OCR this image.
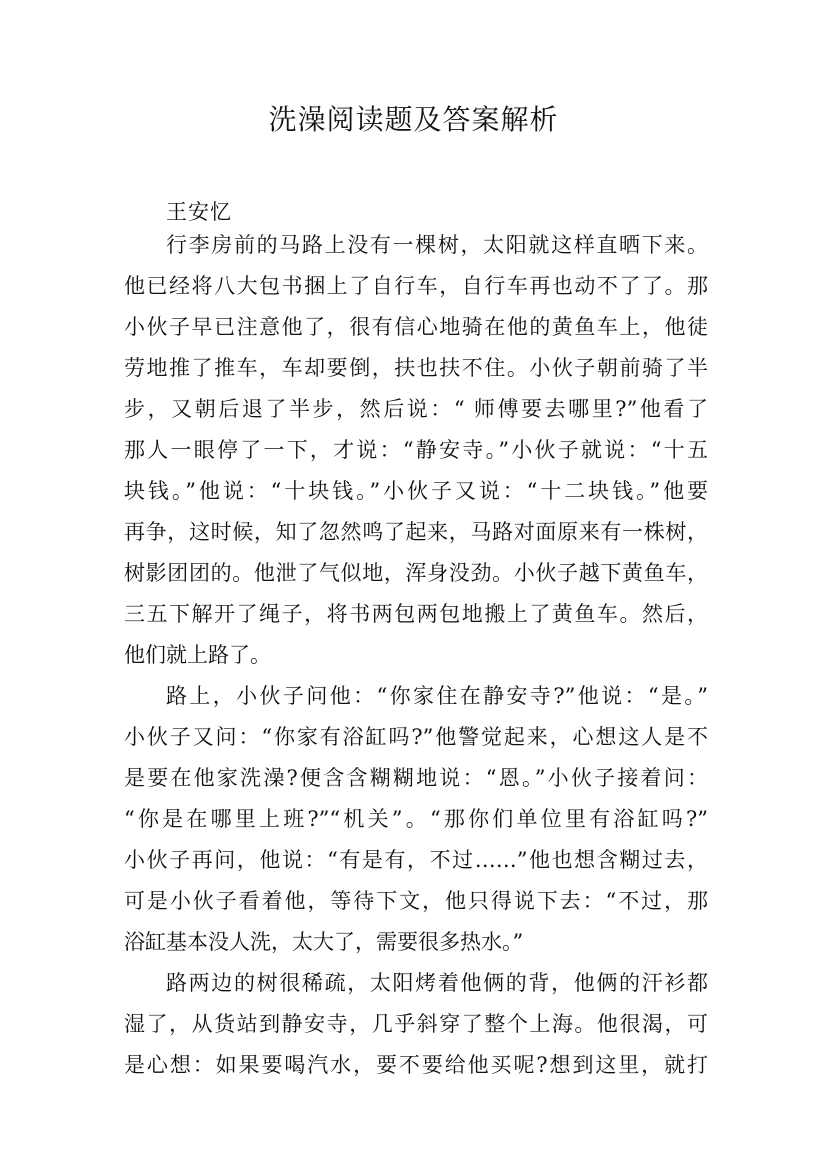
洗澡阅读题及答案解析
王安忆
行李房前的马路上没有一棵树，太阳就这样直晒下来。
他已经将八大包书捆上了自行车，自行车再也动不了了。那
小伙子早已注意他了，很有信心地骑在他的黄鱼车上，他徒
劳地推了推车，车却要倒，扶也扶不住。小伙子朝前骑了半
步，又朝后退了半步，然后说：“ 师傅要去哪里?”他看了
那人一眼停了一下，才说：“静安寺。”小伙子就说：“十五
块钱。”他说：“十块钱。”小伙子又说：“十二块钱。”他要
再争，这时候，知了忽然鸣了起来，马路对面原来有一株树，
树影团团的。他泄了气似地，浑身没劲。小伙子越下黄鱼车，
三五下解开了绳子，将书两包两包地搬上了黄鱼车。然后，
他们就上路了。
路上，小伙子问他：“你家住在静安寺?”他说：“是。”
小伙子又问：“你家有浴缸吗?”他警觉起来，心想这人是不
是要在他家洗澡?便含含糊糊地说：“恩。”小伙子接着问：
“你是在哪里上班?”“机关”。“那你们单位里有浴缸吗?”
小伙子再问，他说：“有是有，不过……”他也想含糊过去，
可是小伙子看着他，等待下文，他只得说下去：“不过，那
浴缸基本没人洗，太大了，需要很多热水。”
路两边的树很稀疏，太阳烤着他俩的背，他俩的汗衫都
湿了，从货站到静安寺，几乎斜穿了整个上海。他很渴，可
是心想：如果要喝汽水，要不要给他买呢?想到这里，就打
